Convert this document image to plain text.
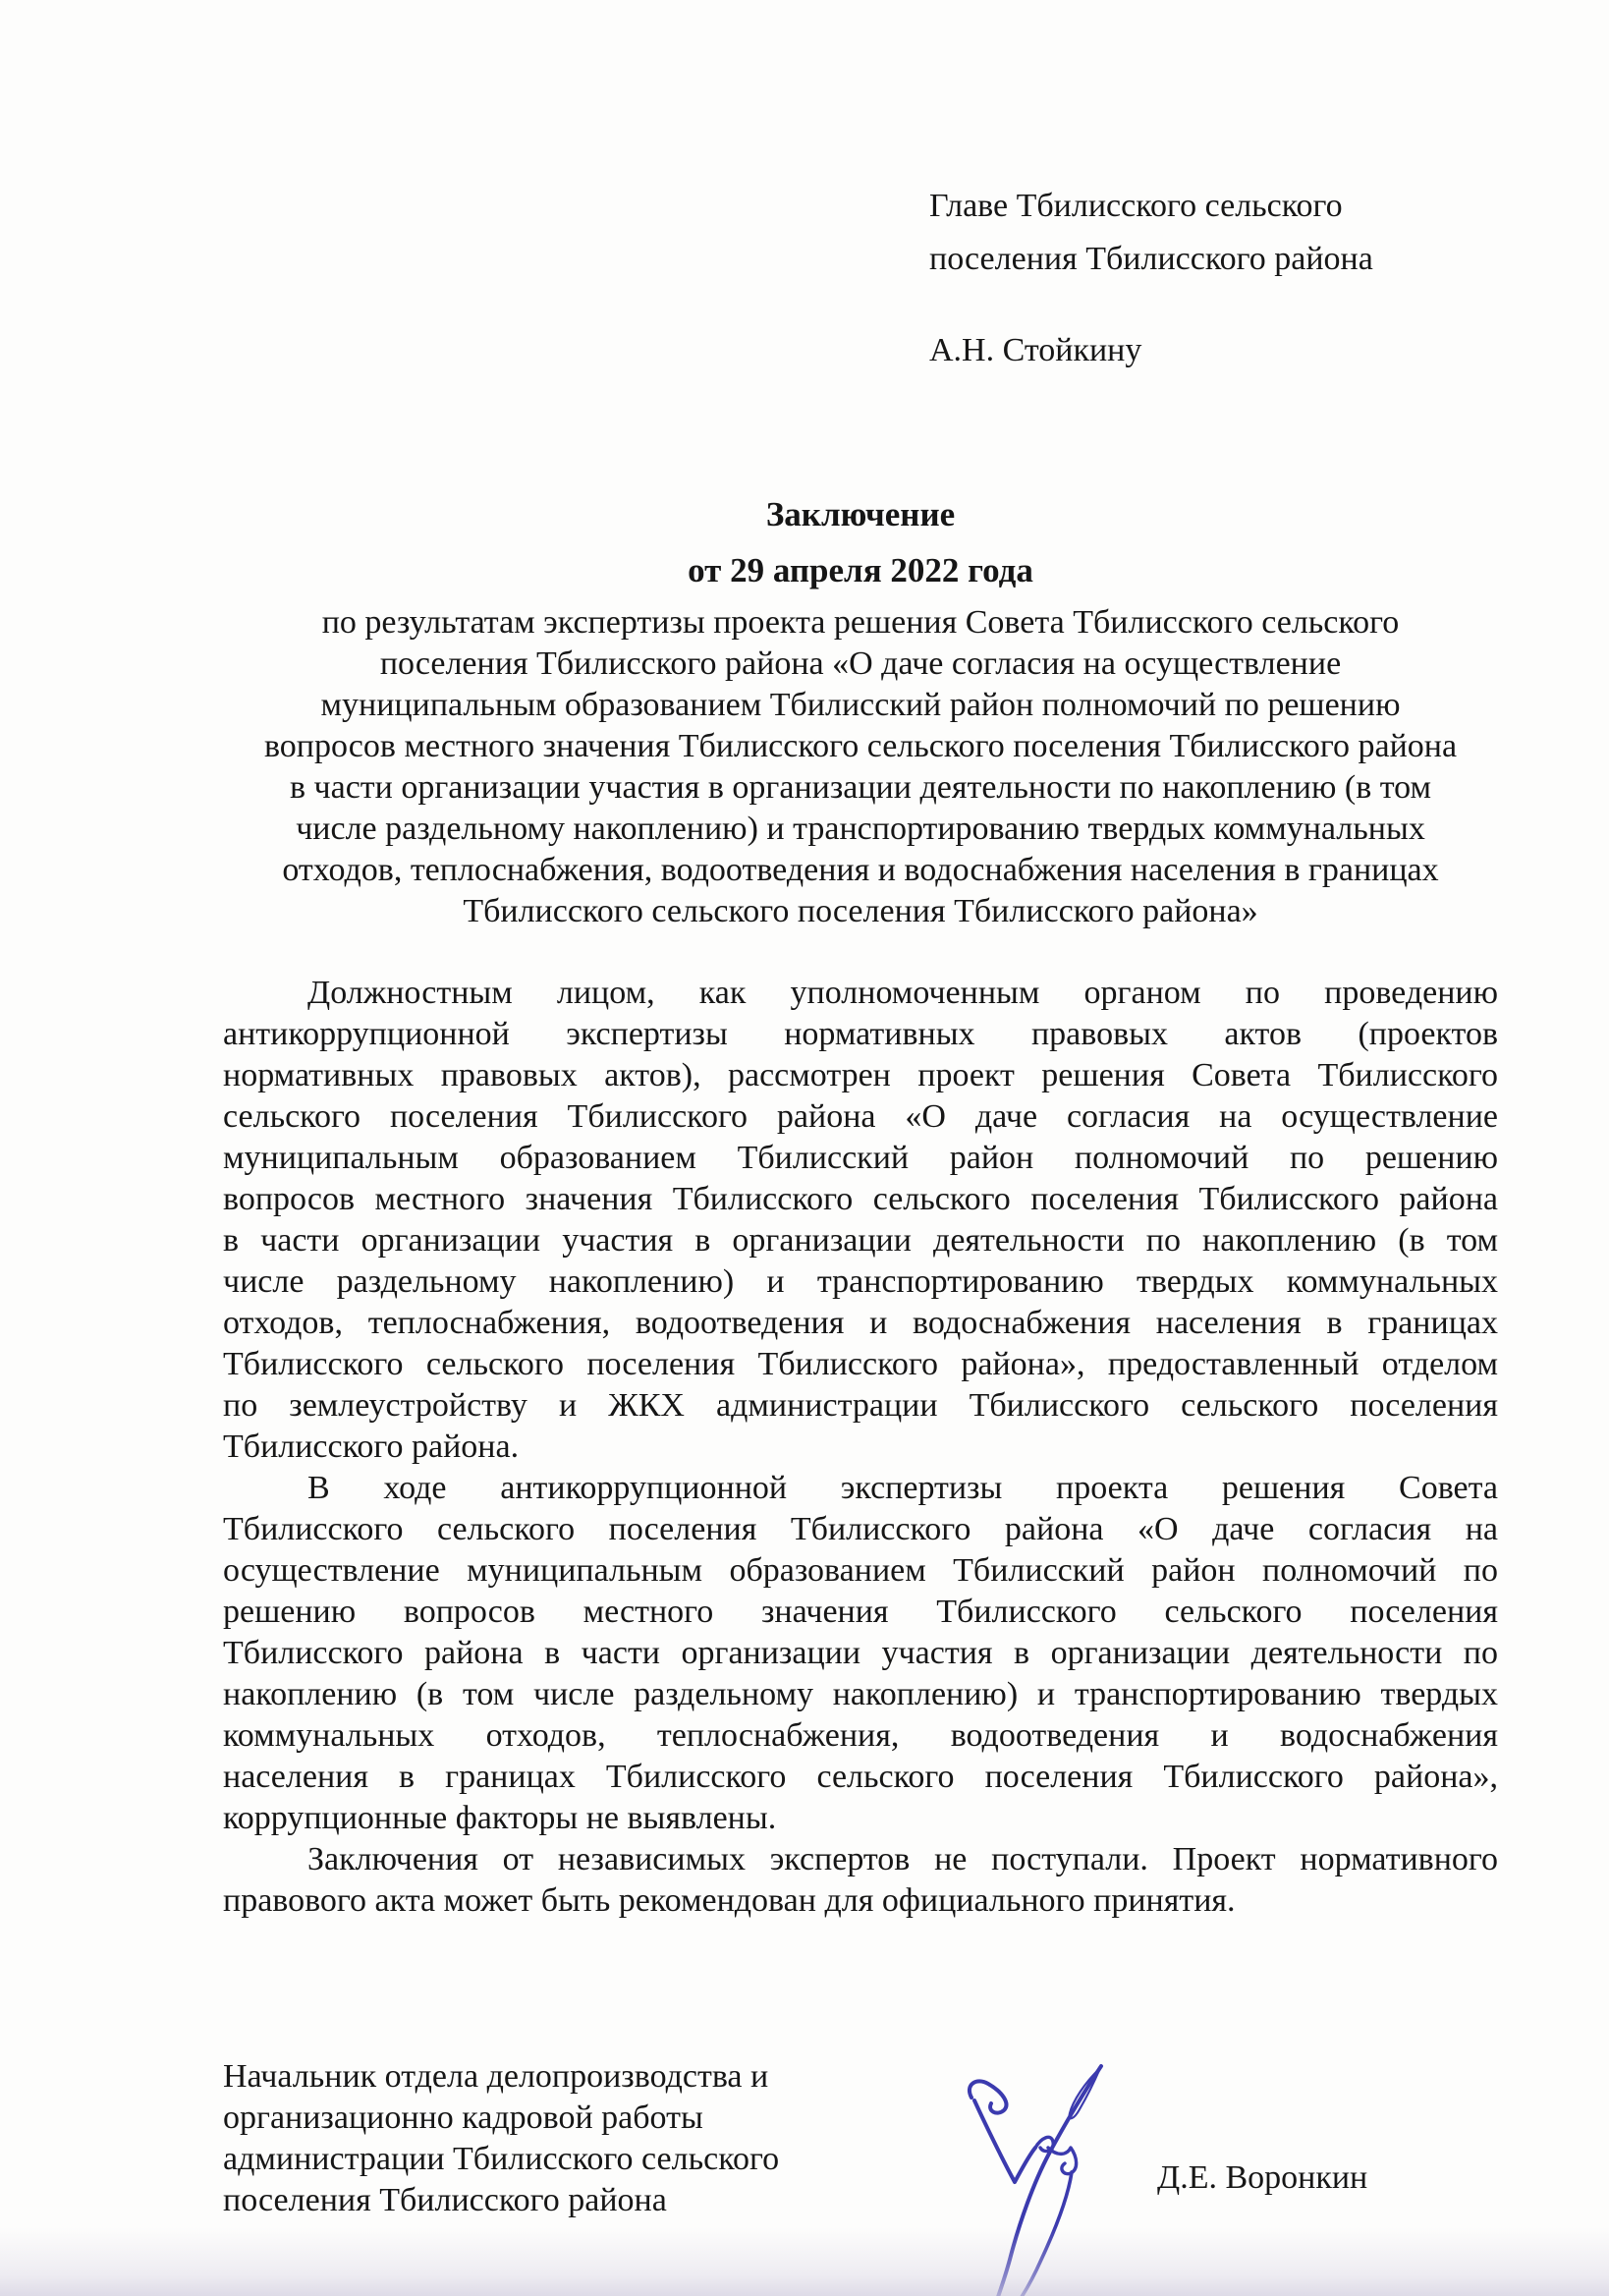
Главе Тбилисского сельского
поселения Тбилисского района
А.Н. Стойкину
Заключение
от 29 апреля 2022 года
по результатам экспертизы проекта решения Совета Тбилисского сельского
поселения Тбилисского района «О даче согласия на осуществление
муниципальным образованием Тбилисский район полномочий по решению
вопросов местного значения Тбилисского сельского поселения Тбилисского района
в части организации участия в организации деятельности по накоплению (в том
числе раздельному накоплению) и транспортированию твердых коммунальных
отходов, теплоснабжения, водоотведения и водоснабжения населения в границах
Тбилисского сельского поселения Тбилисского района»
Должностным лицом, как уполномоченным органом по проведению
антикоррупционной экспертизы нормативных правовых актов (проектов
нормативных правовых актов), рассмотрен проект решения Совета Тбилисского
сельского поселения Тбилисского района «О даче согласия на осуществление
муниципальным образованием Тбилисский район полномочий по решению
вопросов местного значения Тбилисского сельского поселения Тбилисского района
в части организации участия в организации деятельности по накоплению (в том
числе раздельному накоплению) и транспортированию твердых коммунальных
отходов, теплоснабжения, водоотведения и водоснабжения населения в границах
Тбилисского сельского поселения Тбилисского района», предоставленный отделом
по землеустройству и ЖКХ администрации Тбилисского сельского поселения
Тбилисского района.
В ходе антикоррупционной экспертизы проекта решения Совета
Тбилисского сельского поселения Тбилисского района «О даче согласия на
осуществление муниципальным образованием Тбилисский район полномочий по
решению вопросов местного значения Тбилисского сельского поселения
Тбилисского района в части организации участия в организации деятельности по
накоплению (в том числе раздельному накоплению) и транспортированию твердых
коммунальных отходов, теплоснабжения, водоотведения и водоснабжения
населения в границах Тбилисского сельского поселения Тбилисского района»,
коррупционные факторы не выявлены.
Заключения от независимых экспертов не поступали. Проект нормативного
правового акта может быть рекомендован для официального принятия.
Начальник отдела делопроизводства и
организационно кадровой работы
администрации Тбилисского сельского
поселения Тбилисского района
Д.Е. Воронкин
